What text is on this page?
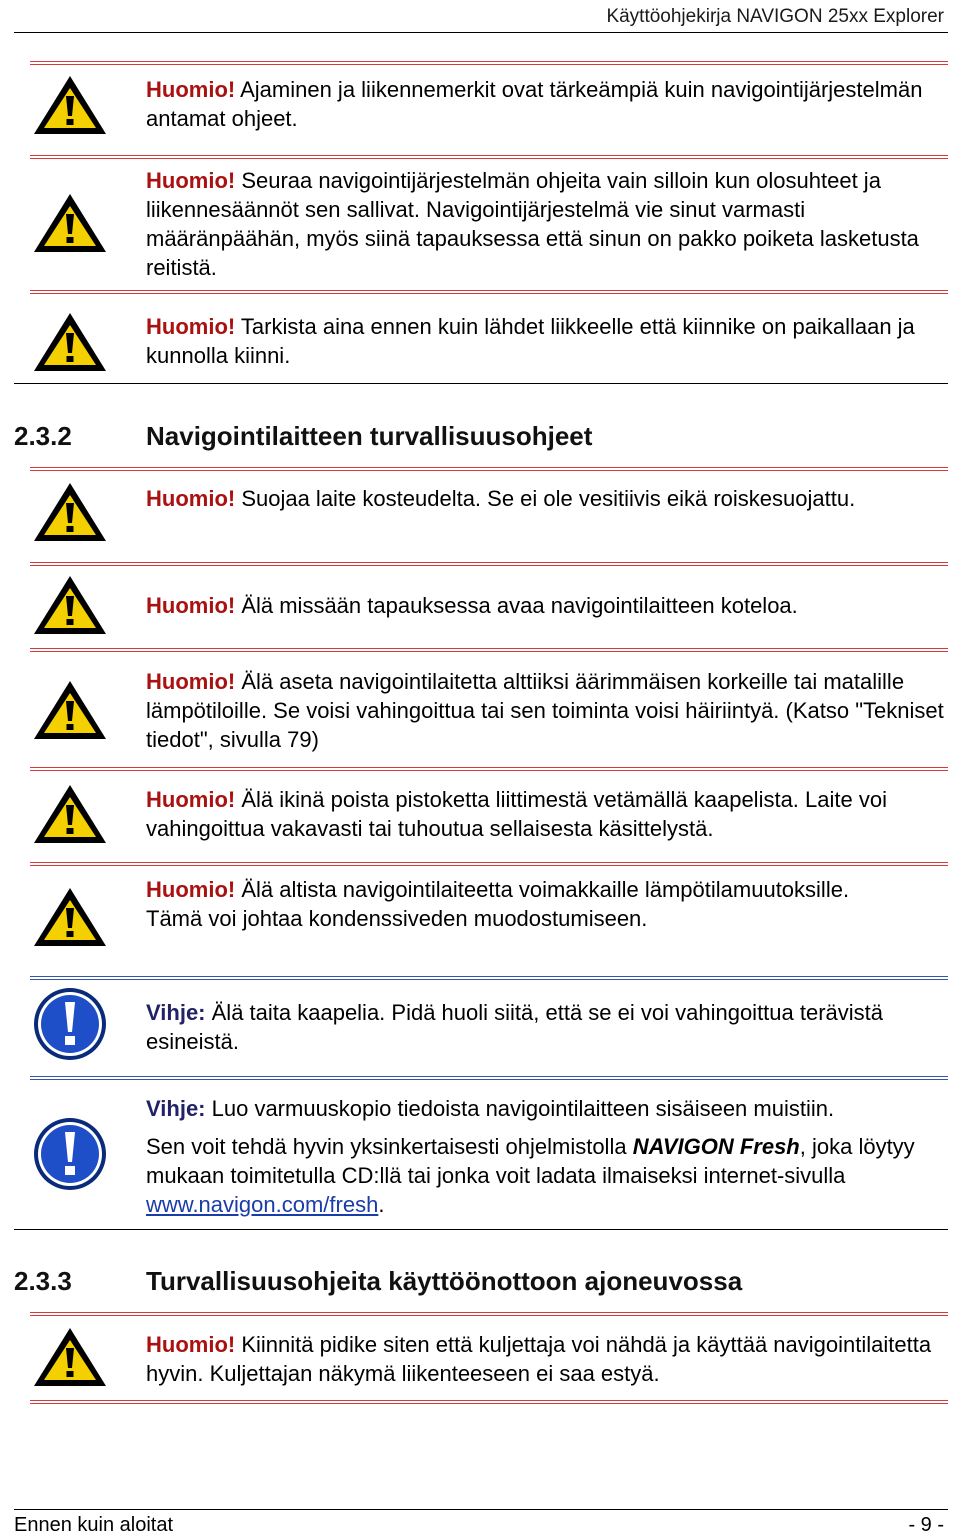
Käyttöohjekirja NAVIGON 25xx Explorer
Huomio! Ajaminen ja liikennemerkit ovat tärkeämpiä kuin navigointijärjestelmän antamat ohjeet.
Huomio! Seuraa navigointijärjestelmän ohjeita vain silloin kun olosuhteet ja liikennesäännöt sen sallivat. Navigointijärjestelmä vie sinut varmasti määränpäähän, myös siinä tapauksessa että sinun on pakko poiketa lasketusta reitistä.
Huomio! Tarkista aina ennen kuin lähdet liikkeelle että kiinnike on paikallaan ja kunnolla kiinni.
2.3.2	Navigointilaitteen turvallisuusohjeet
Huomio! Suojaa laite kosteudelta. Se ei ole vesitiivis eikä roiskesuojattu.
Huomio! Älä missään tapauksessa avaa navigointilaitteen koteloa.
Huomio! Älä aseta navigointilaitetta alttiiksi äärimmäisen korkeille tai matalille lämpötiloille. Se voisi vahingoittua tai sen toiminta voisi häiriintyä. (Katso "Tekniset tiedot", sivulla 79)
Huomio! Älä ikinä poista pistoketta liittimestä vetämällä kaapelista. Laite voi vahingoittua vakavasti tai tuhoutua sellaisesta käsittelystä.
Huomio! Älä altista navigointilaiteetta voimakkaille lämpötilamuutoksille.
Tämä voi johtaa kondenssiveden muodostumiseen.
Vihje: Älä taita kaapelia. Pidä huoli siitä, että se ei voi vahingoittua terävistä esineistä.
Vihje: Luo varmuuskopio tiedoista navigointilaitteen sisäiseen muistiin.
Sen voit tehdä hyvin yksinkertaisesti ohjelmistolla NAVIGON Fresh, joka löytyy mukaan toimitetulla CD:llä tai jonka voit ladata ilmaiseksi internet-sivulla www.navigon.com/fresh.
2.3.3	Turvallisuusohjeita käyttöönottoon ajoneuvossa
Huomio! Kiinnitä pidike siten että kuljettaja voi nähdä ja käyttää navigointilaitetta hyvin. Kuljettajan näkymä liikenteeseen ei saa estyä.
Ennen kuin aloitat	- 9 -
